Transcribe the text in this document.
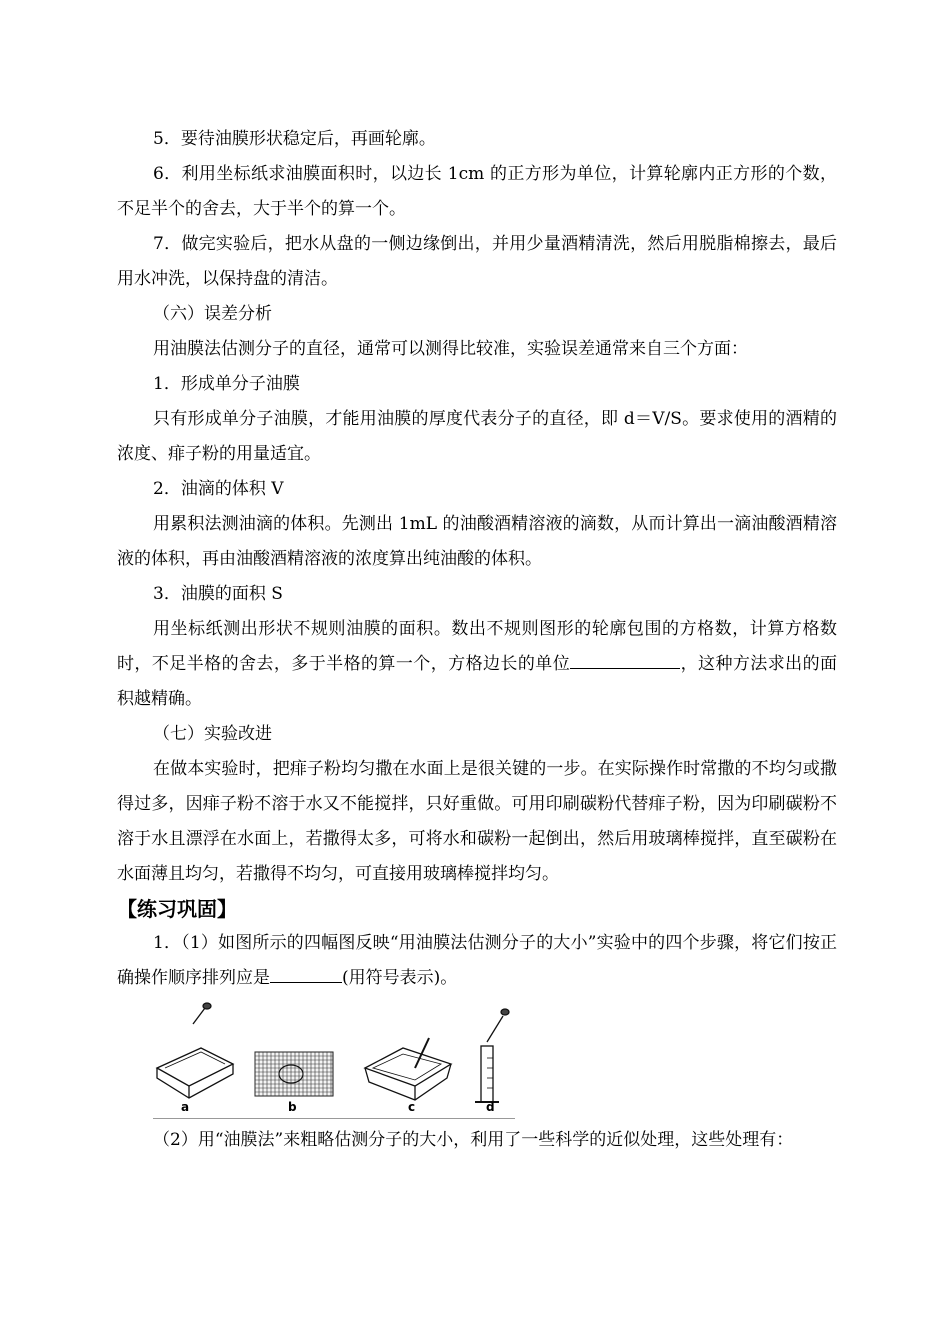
5．要待油膜形状稳定后，再画轮廓。

6．利用坐标纸求油膜面积时，以边长 1cm 的正方形为单位，计算轮廓内正方形的个数，不足半个的舍去，大于半个的算一个。

7．做完实验后，把水从盘的一侧边缘倒出，并用少量酒精清洗，然后用脱脂棉擦去，最后用水冲洗，以保持盘的清洁。

（六）误差分析

用油膜法估测分子的直径，通常可以测得比较准，实验误差通常来自三个方面：

1．形成单分子油膜

只有形成单分子油膜，才能用油膜的厚度代表分子的直径，即 d＝V/S。要求使用的酒精的浓度、痱子粉的用量适宜。

2．油滴的体积 V

用累积法测油滴的体积。先测出 1mL 的油酸酒精溶液的滴数，从而计算出一滴油酸酒精溶液的体积，再由油酸酒精溶液的浓度算出纯油酸的体积。

3．油膜的面积 S

用坐标纸测出形状不规则油膜的面积。数出不规则图形的轮廓包围的方格数，计算方格数时，不足半格的舍去，多于半格的算一个，方格边长的单位	，这种方法求出的面积越精确。

（七）实验改进

在做本实验时，把痱子粉均匀撒在水面上是很关键的一步。在实际操作时常撒的不均匀或撒得过多，因痱子粉不溶于水又不能搅拌，只好重做。可用印刷碳粉代替痱子粉，因为印刷碳粉不溶于水且漂浮在水面上，若撒得太多，可将水和碳粉一起倒出，然后用玻璃棒搅拌，直至碳粉在水面薄且均匀，若撒得不均匀，可直接用玻璃棒搅拌均匀。

【练习巩固】

1．（1）如图所示的四幅图反映“用油膜法估测分子的大小”实验中的四个步骤，将它们按正确操作顺序排列应是	(用符号表示)。

a	b	c	d

（2）用“油膜法”来粗略估测分子的大小，利用了一些科学的近似处理，这些处理有：
